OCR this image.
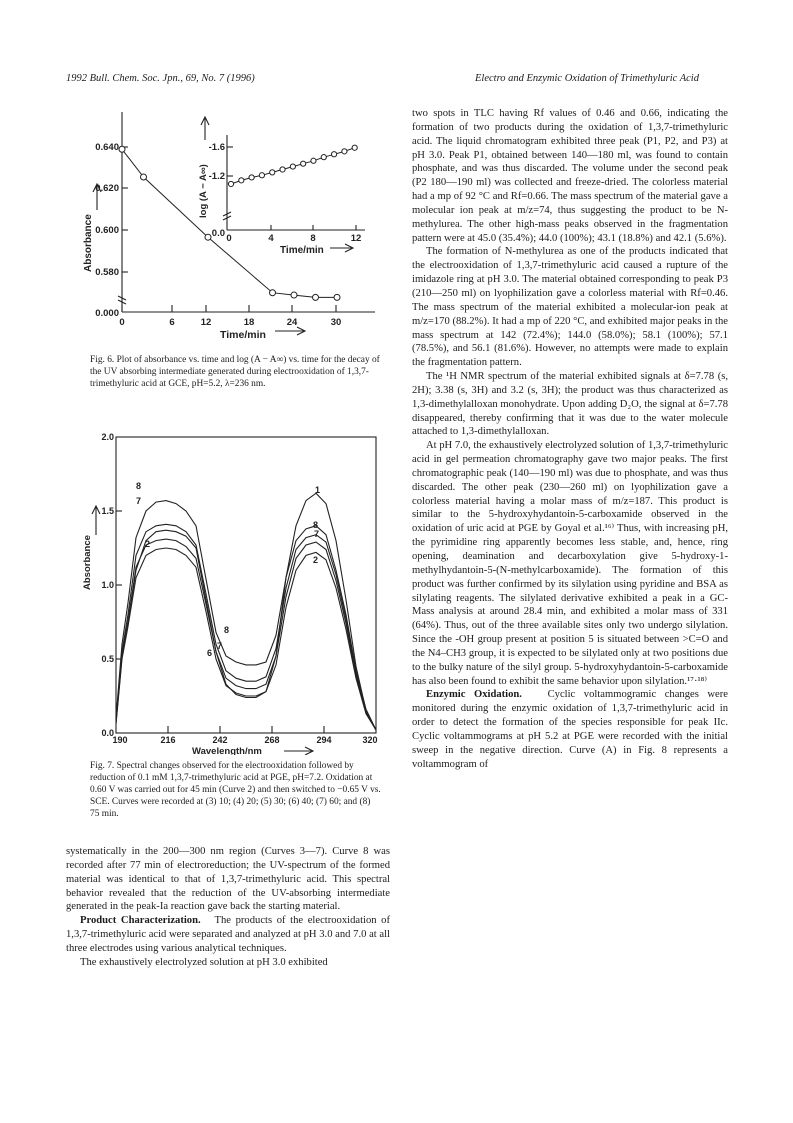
1992 Bull. Chem. Soc. Jpn., 69, No. 7 (1996)	Electro and Enzymic Oxidation of Trimethyluric Acid
0.640
0.620
0.600
0.580
0.000
0	6	12	18	24	30
Time/min
Absorbance
-1.6
-1.2
0.0 0	4	8	12
Time/min
log (A − A∞)
Fig. 6. Plot of absorbance vs. time and log (A − A∞) vs. time for the decay of the UV absorbing intermediate generated during electrooxidation of 1,3,7-trimethyluric acid at GCE, pH=5.2, λ=236 nm.
2.0
1.5
1.0
0.5
0.0
190	216	242	268	294	320
Wavelength/nm
Absorbance
1
2
6
7
8
8
8
7
7
2
Fig. 7. Spectral changes observed for the electrooxidation followed by reduction of 0.1 mM 1,3,7-trimethyluric acid at PGE, pH=7.2. Oxidation at 0.60 V was carried out for 45 min (Curve 2) and then switched to −0.65 V vs. SCE. Curves were recorded at (3) 10; (4) 20; (5) 30; (6) 40; (7) 60; and (8) 75 min.

systematically in the 200—300 nm region (Curves 3—7). Curve 8 was recorded after 77 min of electroreduction; the UV-spectrum of the formed material was identical to that of 1,3,7-trimethyluric acid. This spectral behavior revealed that the reduction of the UV-absorbing intermediate generated in the peak-Ia reaction gave back the starting material.

Product Characterization. The products of the electrooxidation of 1,3,7-trimethyluric acid were separated and analyzed at pH 3.0 and 7.0 at all three electrodes using various analytical techniques.

The exhaustively electrolyzed solution at pH 3.0 exhibited

two spots in TLC having Rf values of 0.46 and 0.66, indicating the formation of two products during the oxidation of 1,3,7-trimethyluric acid. The liquid chromatogram exhibited three peak (P1, P2, and P3) at pH 3.0. Peak P1, obtained between 140—180 ml, was found to contain phosphate, and was thus discarded. The volume under the second peak (P2 180—190 ml) was collected and freeze-dried. The colorless material had a mp of 92 °C and Rf=0.66. The mass spectrum of the material gave a molecular ion peak at m/z=74, thus suggesting the product to be N-methylurea. The other high-mass peaks observed in the fragmentation pattern were at 45.0 (35.4%); 44.0 (100%); 43.1 (18.8%) and 42.1 (5.6%).

The formation of N-methylurea as one of the products indicated that the electrooxidation of 1,3,7-trimethyluric acid caused a rupture of the imidazole ring at pH 3.0. The material obtained corresponding to peak P3 (210—250 ml) on lyophilization gave a colorless material with Rf=0.46. The mass spectrum of the material exhibited a molecular-ion peak at m/z=170 (88.2%). It had a mp of 220 °C, and exhibited major peaks in the mass spectrum at 142 (72.4%); 144.0 (58.0%); 58.1 (100%); 57.1 (78.5%), and 56.1 (81.6%). However, no attempts were made to explain the fragmentation pattern.

The ¹H NMR spectrum of the material exhibited signals at δ=7.78 (s, 2H); 3.38 (s, 3H) and 3.2 (s, 3H); the product was thus characterized as 1,3-dimethylalloxan monohydrate. Upon adding D₂O, the signal at δ=7.78 disappeared, thereby confirming that it was due to the water molecule attached to 1,3-dimethylalloxan.

At pH 7.0, the exhaustively electrolyzed solution of 1,3,7-trimethyluric acid in gel permeation chromatography gave two major peaks. The first chromatographic peak (140—190 ml) was due to phosphate, and was thus discarded. The other peak (230—260 ml) on lyophilization gave a colorless material having a molar mass of m/z=187. This product is similar to the 5-hydroxyhydantoin-5-carboxamide observed in the oxidation of uric acid at PGE by Goyal et al.¹⁶⁾ Thus, with increasing pH, the pyrimidine ring apparently becomes less stable, and, hence, ring opening, deamination and decarboxylation give 5-hydroxy-1-methylhydantoin-5-(N-methylcarboxamide). The formation of this product was further confirmed by its silylation using pyridine and BSA as silylating reagents. The silylated derivative exhibited a peak in a GC-Mass analysis at around 28.4 min, and exhibited a molar mass of 331 (64%). Thus, out of the three available sites only two undergo silylation. Since the -OH group present at position 5 is situated between >C=O and the N4–CH3 group, it is expected to be silylated only at two positions due to the bulky nature of the silyl group. 5-hydroxyhydantoin-5-carboxamide has also been found to exhibit the same behavior upon silylation.¹⁷·¹⁸⁾

Enzymic Oxidation. Cyclic voltammogramic changes were monitored during the enzymic oxidation of 1,3,7-trimethyluric acid in order to detect the formation of the species responsible for peak IIc. Cyclic voltammograms at pH 5.2 at PGE were recorded with the initial sweep in the negative direction. Curve (A) in Fig. 8 represents a voltammogram of
